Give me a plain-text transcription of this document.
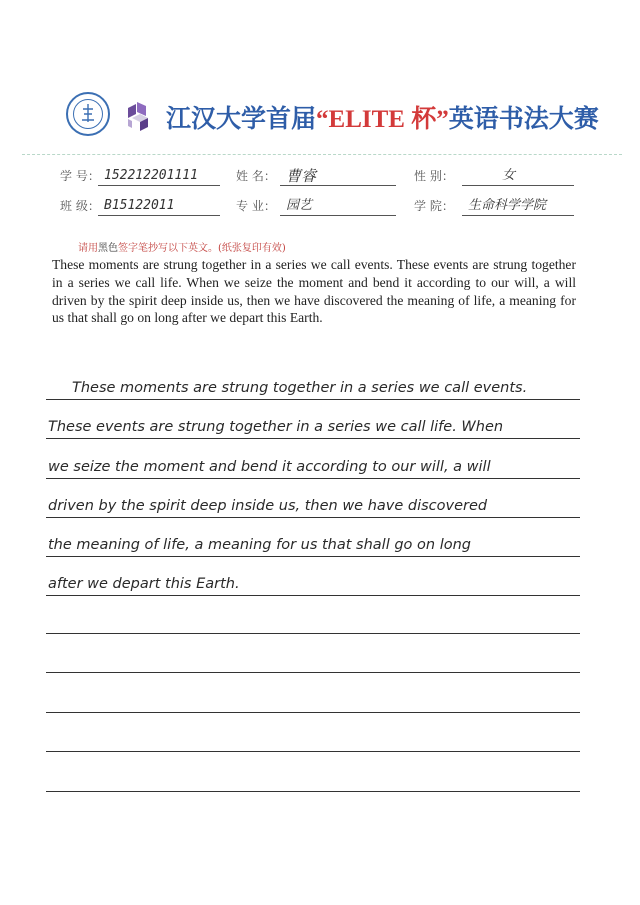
江汉大学首届“ELITE 杯”英语书法大赛
学 号： 152212201111	姓 名： 曹睿	性 别：	女
班 级： B15122011	专 业： 园艺	学 院：	生命科学学院

请用黑色签字笔抄写以下英文。(纸张复印有效)

These moments are strung together in a series we call events. These events are strung together in a series we call life. When we seize the moment and bend it according to our will, a will driven by the spirit deep inside us, then we have discovered the meaning of life, a meaning for us that shall go on long after we depart this Earth.

These moments are strung together in a series we call events.

These events are strung together in a series we call life. When

we seize the moment and bend it according to our will, a will

driven by the spirit deep inside us, then we have discovered

the meaning of life, a meaning for us that shall go on long

after we depart this Earth.
